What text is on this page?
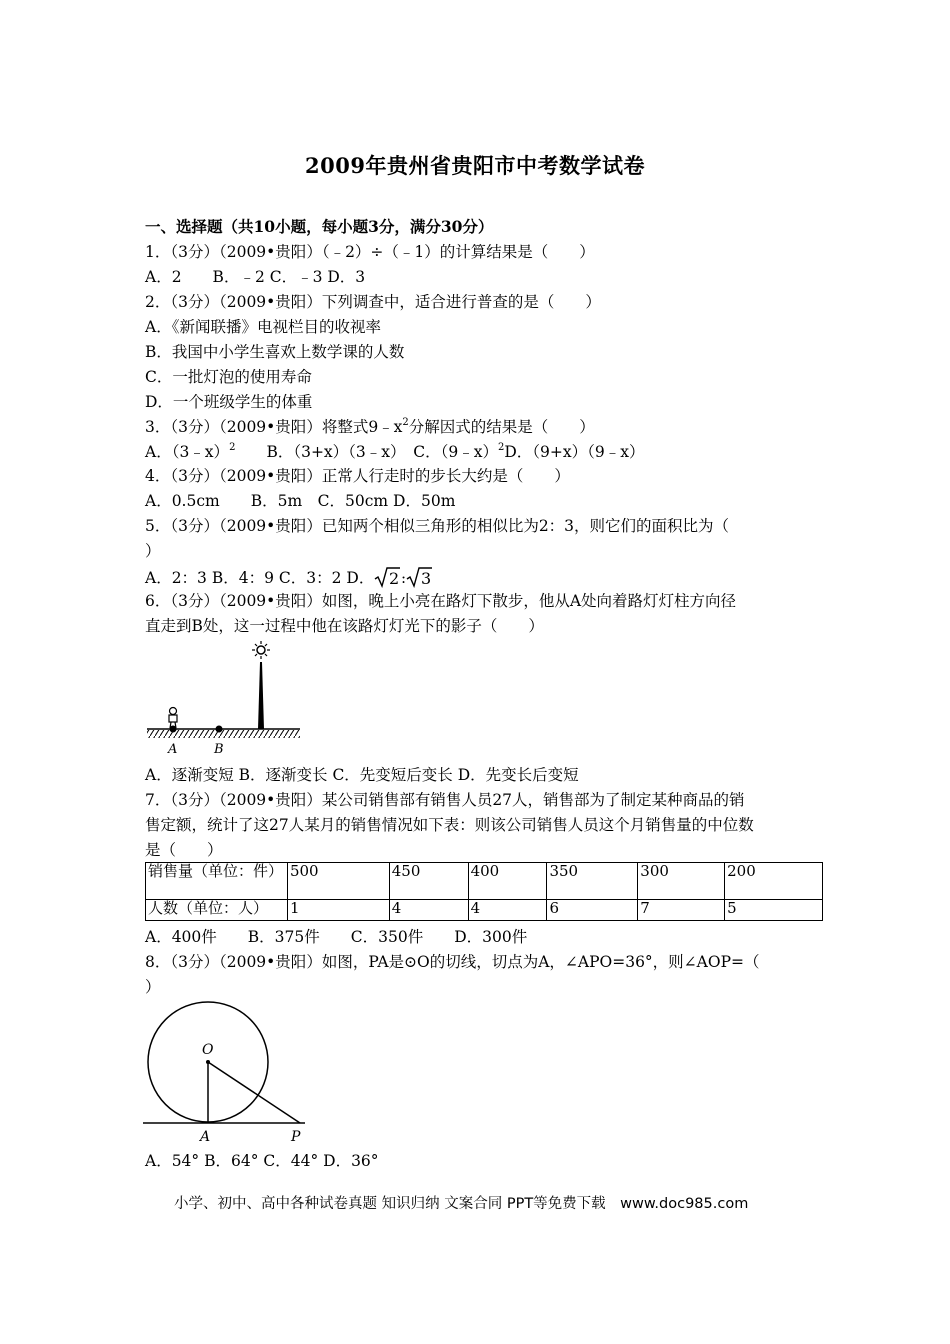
2009年贵州省贵阳市中考数学试卷
一、选择题（共10小题，每小题3分，满分30分）
1．（3分）（2009•贵阳）（﹣2）÷（﹣1）的计算结果是（　　）
A．2　　B．﹣2 C．﹣3 D．3
2．（3分）（2009•贵阳）下列调查中，适合进行普查的是（　　）
A．《新闻联播》电视栏目的收视率
B．我国中小学生喜欢上数学课的人数
C．一批灯泡的使用寿命
D．一个班级学生的体重
3．（3分）（2009•贵阳）将整式$9﹣x^2$分解因式的结果是（　　）
A．（3﹣x）$^2$　　B．（3+x）（3﹣x）　C．（9﹣x）$^2$D．（9+x）（9﹣x）
4．（3分）（2009•贵阳）正常人行走时的步长大约是（　　）
A．0.5cm　　B．5m　C．50cm D．50m
5．（3分）（2009•贵阳）已知两个相似三角形的相似比为2：3，则它们的面积比为（
）
A．2：3 B．4：9 C．3：2 D． 2 : 3
6．（3分）（2009•贵阳）如图，晚上小亮在路灯下散步，他从A处向着路灯灯柱方向径
直走到B处，这一过程中他在该路灯灯光下的影子（　　）
A	B
A．逐渐变短 B．逐渐变长 C．先变短后变长 D．先变长后变短
7．（3分）（2009•贵阳）某公司销售部有销售人员27人，销售部为了制定某种商品的销
售定额，统计了这27人某月的销售情况如下表：则该公司销售人员这个月销售量的中位数
是（　　）
销售量（单位：件）	500	450	400	350	300	200
人数（单位：人）	1	4	4	6	7	5
A．400件　　B．375件　　C．350件　　D．300件
8．（3分）（2009•贵阳）如图，PA是⊙O的切线，切点为A，∠APO=36°，则∠AOP=（
）
O
A	P
A．54° B．64° C．44° D．36°
小学、初中、高中各种试卷真题 知识归纳 文案合同 PPT等免费下载　www.doc985.com
